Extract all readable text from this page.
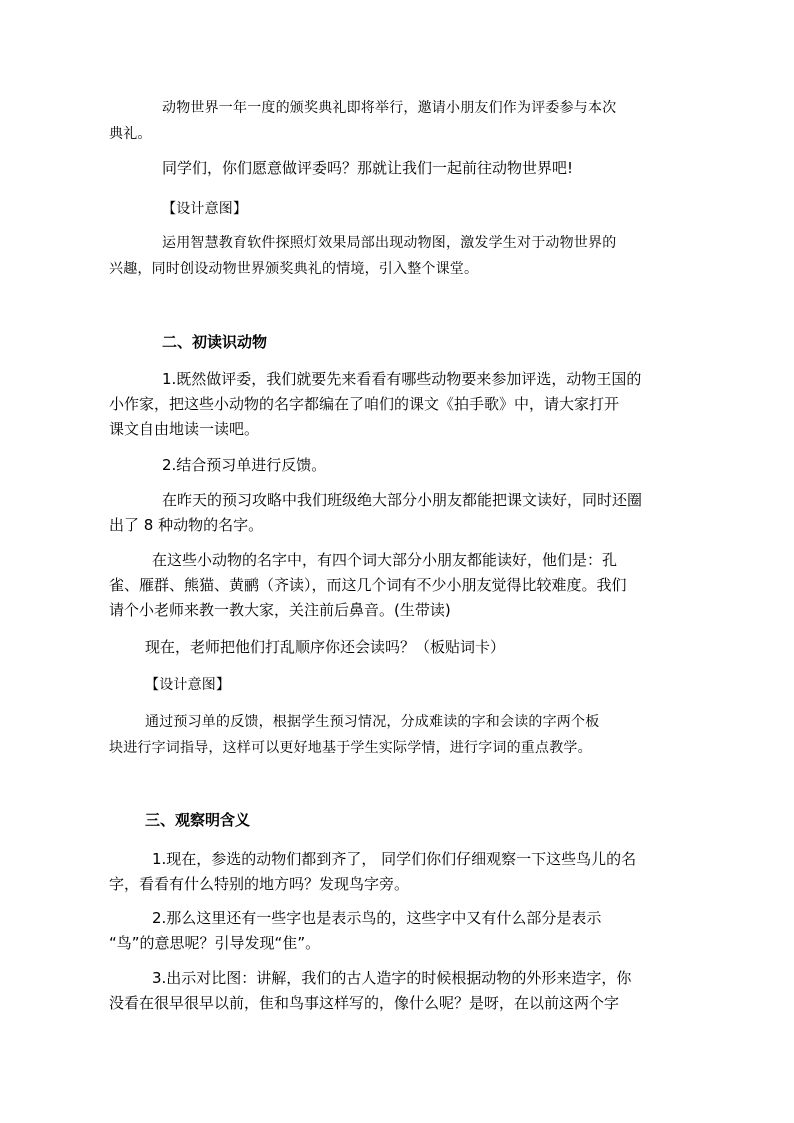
动物世界一年一度的颁奖典礼即将举行，邀请小朋友们作为评委参与本次
典礼。
同学们，你们愿意做评委吗？那就让我们一起前往动物世界吧!
【设计意图】
运用智慧教育软件探照灯效果局部出现动物图，激发学生对于动物世界的
兴趣，同时创设动物世界颁奖典礼的情境，引入整个课堂。
二、初读识动物
1.既然做评委，我们就要先来看看有哪些动物要来参加评选，动物王国的
小作家，把这些小动物的名字都编在了咱们的课文《拍手歌》中，请大家打开
课文自由地读一读吧。
2.结合预习单进行反馈。
在昨天的预习攻略中我们班级绝大部分小朋友都能把课文读好，同时还圈
出了 8 种动物的名字。
在这些小动物的名字中，有四个词大部分小朋友都能读好，他们是：孔
雀、雁群、熊猫、黄鹂（齐读），而这几个词有不少小朋友觉得比较难度。我们
请个小老师来教一教大家，关注前后鼻音。(生带读)
现在，老师把他们打乱顺序你还会读吗？（板贴词卡）
【设计意图】
通过预习单的反馈，根据学生预习情况，分成难读的字和会读的字两个板
块进行字词指导，这样可以更好地基于学生实际学情，进行字词的重点教学。
三、观察明含义
1.现在，参选的动物们都到齐了， 同学们你们仔细观察一下这些鸟儿的名
字，看看有什么特别的地方吗？发现鸟字旁。
2.那么这里还有一些字也是表示鸟的，这些字中又有什么部分是表示
“鸟”的意思呢？引导发现“隹”。
3.出示对比图：讲解，我们的古人造字的时候根据动物的外形来造字，你
没看在很早很早以前，隹和鸟事这样写的，像什么呢？是呀，在以前这两个字
